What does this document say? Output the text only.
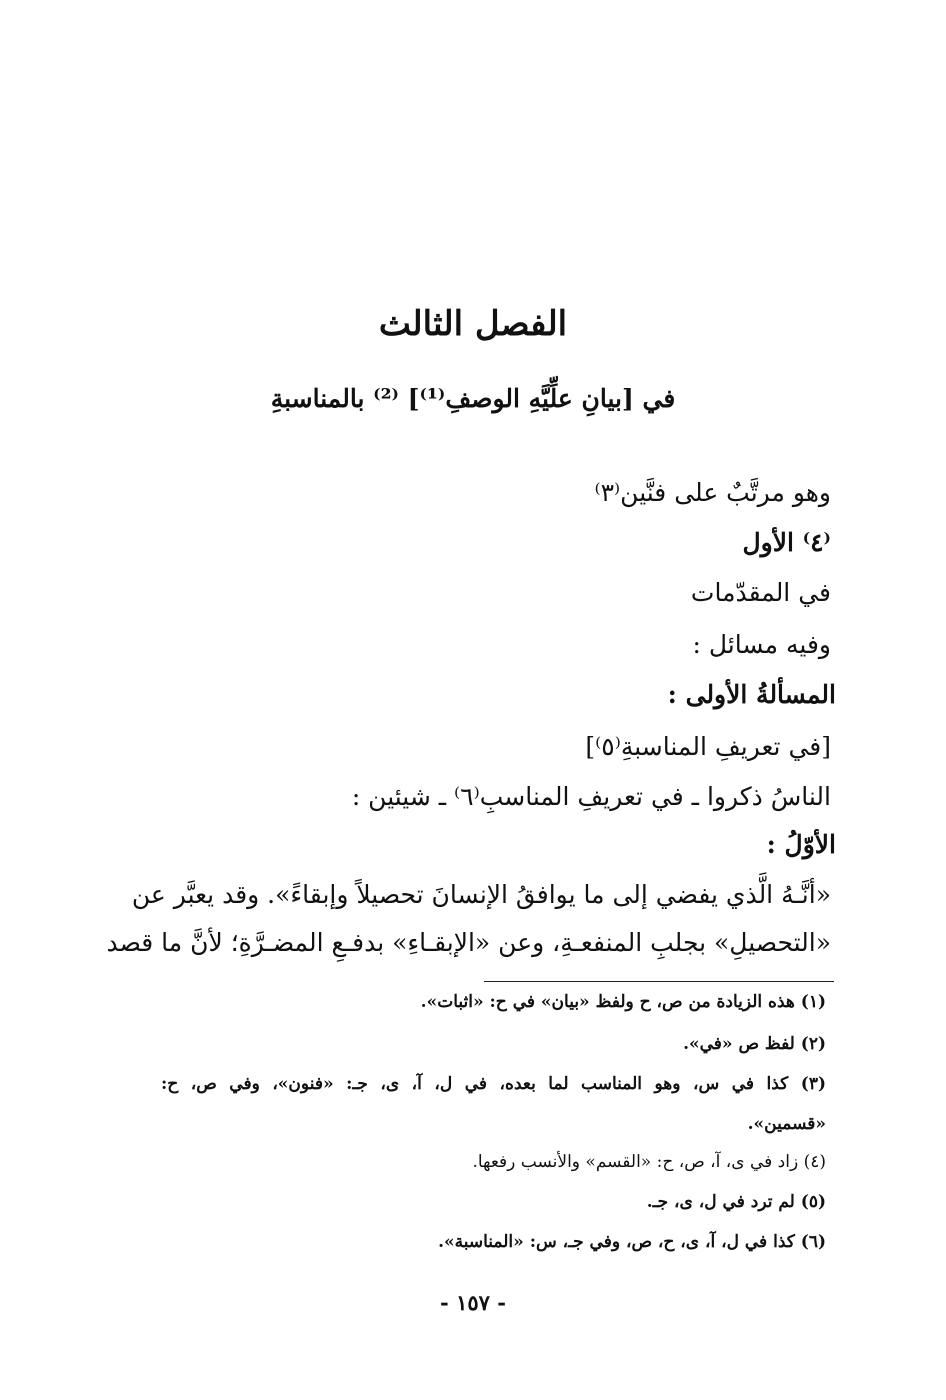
الفصل الثالث
في [بيانِ علِّيَّهِ الوصفِ⁽¹⁾] ⁽²⁾ بالمناسبةِ
وهو مرتَّبٌ على فنَّين⁽٣⁾
⁽٤⁾ الأول
في المقدّمات
وفيه مسائل :
المسألةُ الأولى :
[في تعريفِ المناسبةِ⁽٥⁾]
الناسُ ذكروا ـ في تعريفِ المناسبِ⁽٦⁾ ـ شيئين :
الأوّلُ :
«أنَّـهُ الَّذي يفضي إلى ما يوافقُ الإنسانَ تحصيلاً وإبقاءً». وقد يعبَّر عن
«التحصيلِ» بجلبِ المنفعـةِ، وعن «الإبقـاءِ» بدفـعِ المضـرَّةِ؛ لأنَّ ما قصد
(١) هذه الزيادة من ص، ح ولفظ «بيان» في ح: «اثبات».
(٢) لفظ ص «في».
(٣) كذا في س، وهو المناسب لما بعده، في ل، آ، ى، جـ: «فنون»، وفي ص، ح:
«قسمين».
(٤) زاد في ى، آ، ص، ح: «القسم» والأنسب رفعها.
(٥) لم ترد في ل، ى، جـ.
(٦) كذا في ل، آ، ى، ح، ص، وفي جـ، س: «المناسبة».
- ١٥٧ -
